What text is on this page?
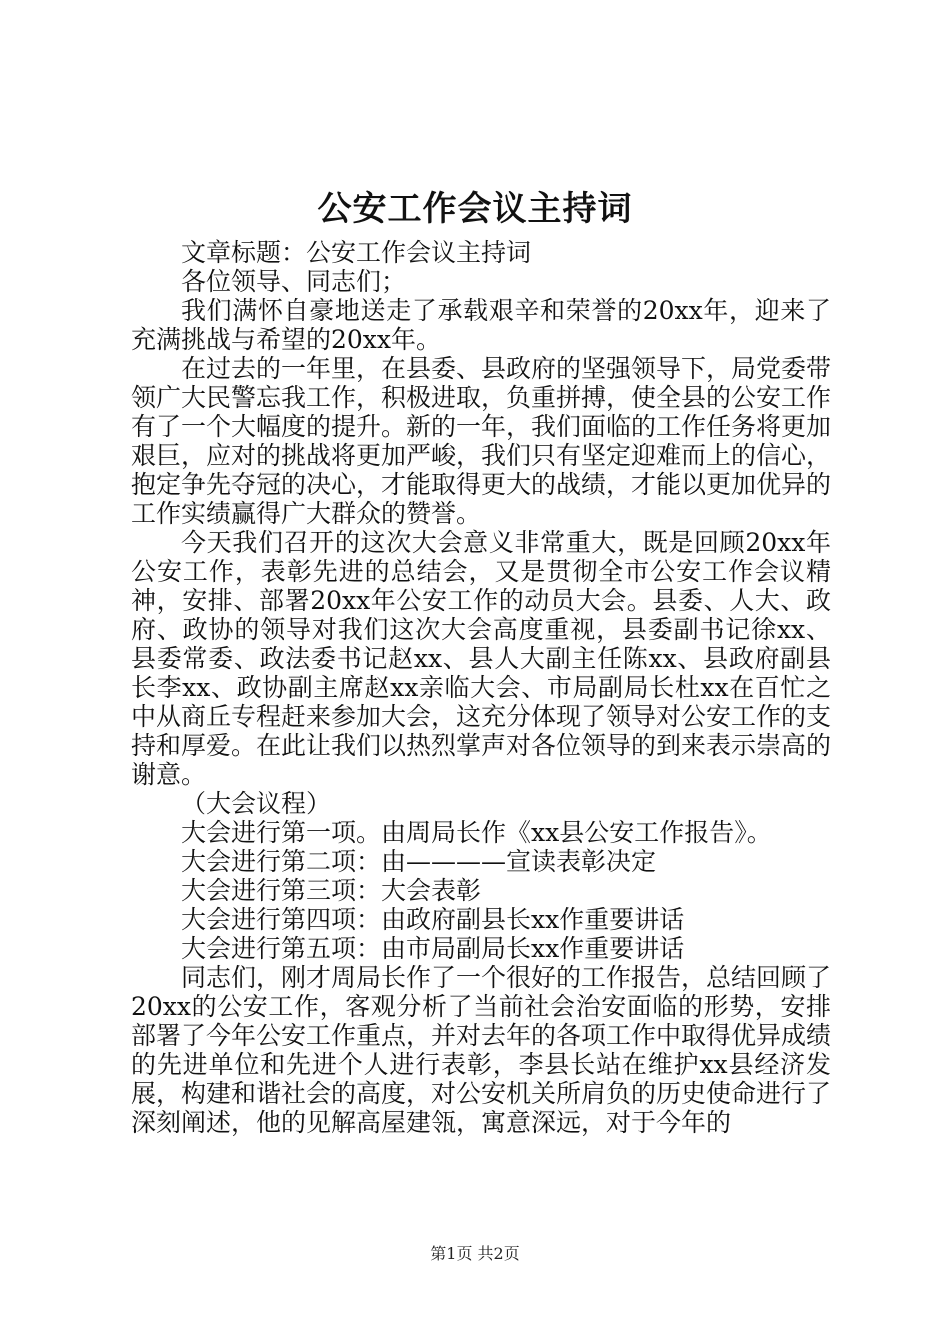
公安工作会议主持词

文章标题：公安工作会议主持词

各位领导、同志们；

我们满怀自豪地送走了承载艰辛和荣誉的20xx年，迎来了充满挑战与希望的20xx年。

在过去的一年里，在县委、县政府的坚强领导下，局党委带领广大民警忘我工作，积极进取，负重拼搏，使全县的公安工作有了一个大幅度的提升。新的一年，我们面临的工作任务将更加艰巨，应对的挑战将更加严峻，我们只有坚定迎难而上的信心，抱定争先夺冠的决心，才能取得更大的战绩，才能以更加优异的工作实绩赢得广大群众的赞誉。

今天我们召开的这次大会意义非常重大，既是回顾20xx年公安工作，表彰先进的总结会，又是贯彻全市公安工作会议精神，安排、部署20xx年公安工作的动员大会。县委、人大、政府、政协的领导对我们这次大会高度重视，县委副书记徐xx、县委常委、政法委书记赵xx、县人大副主任陈xx、县政府副县长李xx、政协副主席赵xx亲临大会、市局副局长杜xx在百忙之中从商丘专程赶来参加大会，这充分体现了领导对公安工作的支持和厚爱。在此让我们以热烈掌声对各位领导的到来表示崇高的谢意。

（大会议程）

大会进行第一项。由周局长作《xx县公安工作报告》。

大会进行第二项：由————宣读表彰决定

大会进行第三项：大会表彰

大会进行第四项：由政府副县长xx作重要讲话

大会进行第五项：由市局副局长xx作重要讲话

同志们，刚才周局长作了一个很好的工作报告，总结回顾了20xx的公安工作，客观分析了当前社会治安面临的形势，安排部署了今年公安工作重点，并对去年的各项工作中取得优异成绩的先进单位和先进个人进行表彰，李县长站在维护xx县经济发展，构建和谐社会的高度，对公安机关所肩负的历史使命进行了深刻阐述，他的见解高屋建瓴，寓意深远，对于今年的

第1页 共2页
